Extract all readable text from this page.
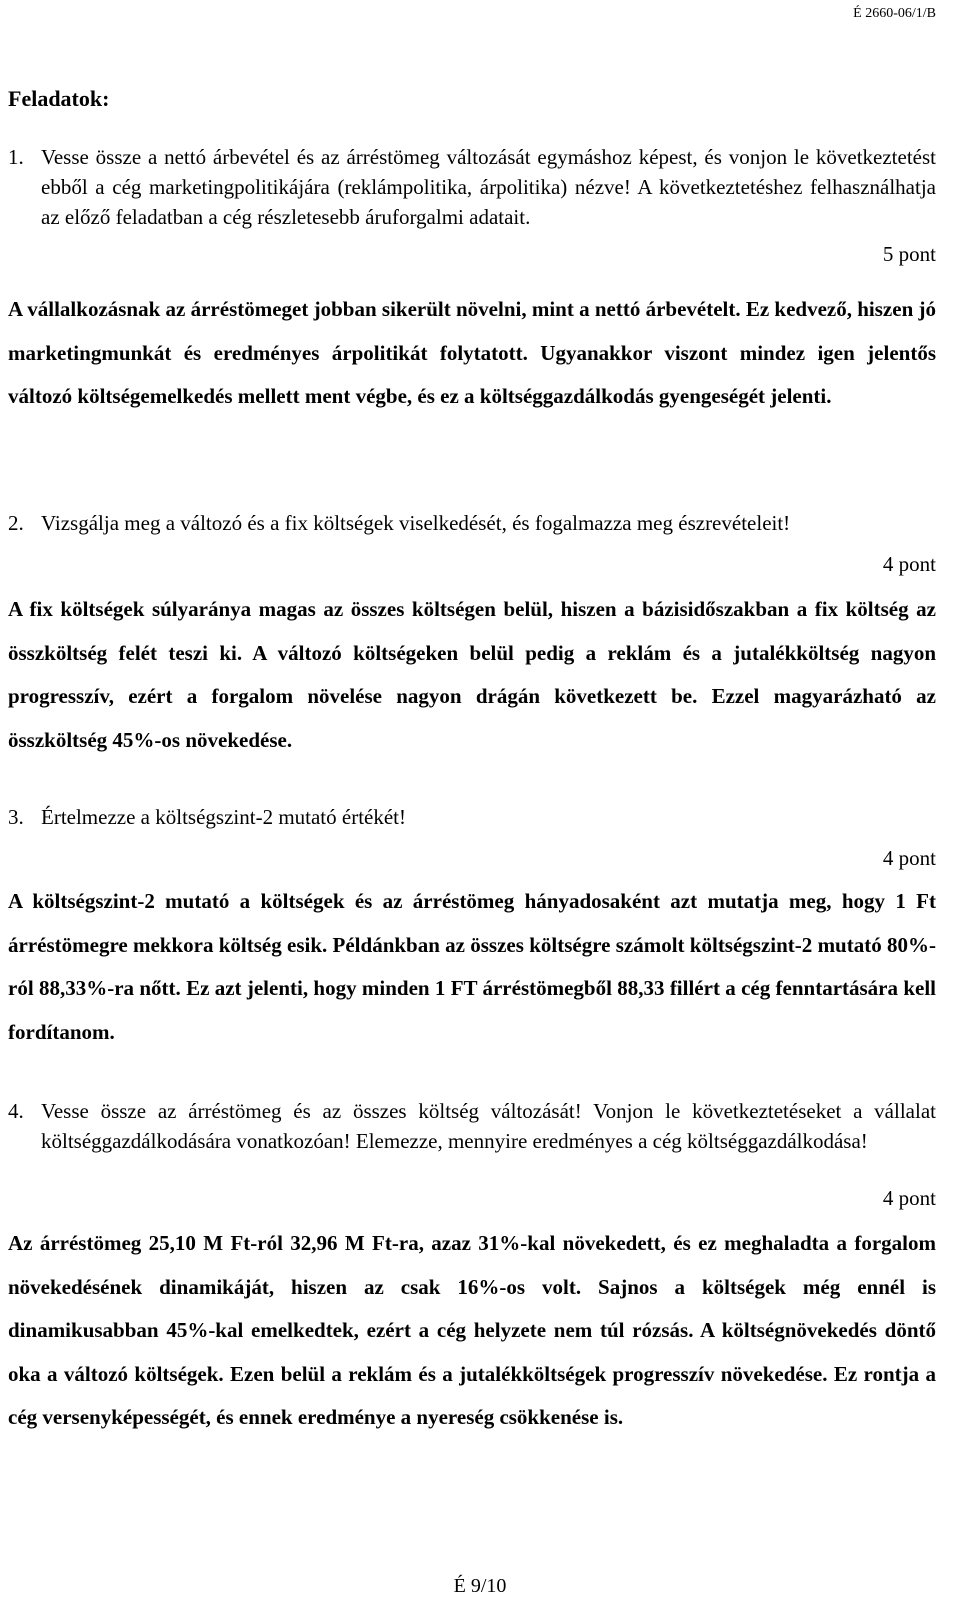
É 2660-06/1/B
Feladatok:
1. Vesse össze a nettó árbevétel és az árréstömeg változását egymáshoz képest, és vonjon le következtetést ebből a cég marketingpolitikájára (reklámpolitika, árpolitika) nézve! A következtetéshez felhasználhatja az előző feladatban a cég részletesebb áruforgalmi adatait.
5 pont
A vállalkozásnak az árréstömeget jobban sikerült növelni, mint a nettó árbevételt. Ez kedvező, hiszen jó marketingmunkát és eredményes árpolitikát folytatott. Ugyanakkor viszont mindez igen jelentős változó költségemelkedés mellett ment végbe, és ez a költséggazdálkodás gyengeségét jelenti.
2. Vizsgálja meg a változó és a fix költségek viselkedését, és fogalmazza meg észrevételeit!
4 pont
A fix költségek súlyaránya magas az összes költségen belül, hiszen a bázisidőszakban a fix költség az összköltség felét teszi ki. A változó költségeken belül pedig a reklám és a jutalékköltség nagyon progresszív, ezért a forgalom növelése nagyon drágán következett be. Ezzel magyarázható az összköltség 45%-os növekedése.
3. Értelmezze a költségszint-2 mutató értékét!
4 pont
A költségszint-2 mutató a költségek és az árréstömeg hányadosaként azt mutatja meg, hogy 1 Ft árréstömegre mekkora költség esik. Példánkban az összes költségre számolt költségszint-2 mutató 80%-ról 88,33%-ra nőtt. Ez azt jelenti, hogy minden 1 FT árréstömegből 88,33 fillért a cég fenntartására kell fordítanom.
4. Vesse össze az árréstömeg és az összes költség változását! Vonjon le következtetéseket a vállalat költséggazdálkodására vonatkozóan! Elemezze, mennyire eredményes a cég költséggazdálkodása!
4 pont
Az árréstömeg 25,10 M Ft-ról 32,96 M Ft-ra, azaz 31%-kal növekedett, és ez meghaladta a forgalom növekedésének dinamikáját, hiszen az csak 16%-os volt. Sajnos a költségek még ennél is dinamikusabban 45%-kal emelkedtek, ezért a cég helyzete nem túl rózsás. A költségnövekedés döntő oka a változó költségek. Ezen belül a reklám és a jutalékköltségek progresszív növekedése. Ez rontja a cég versenyképességét, és ennek eredménye a nyereség csökkenése is.
É 9/10
